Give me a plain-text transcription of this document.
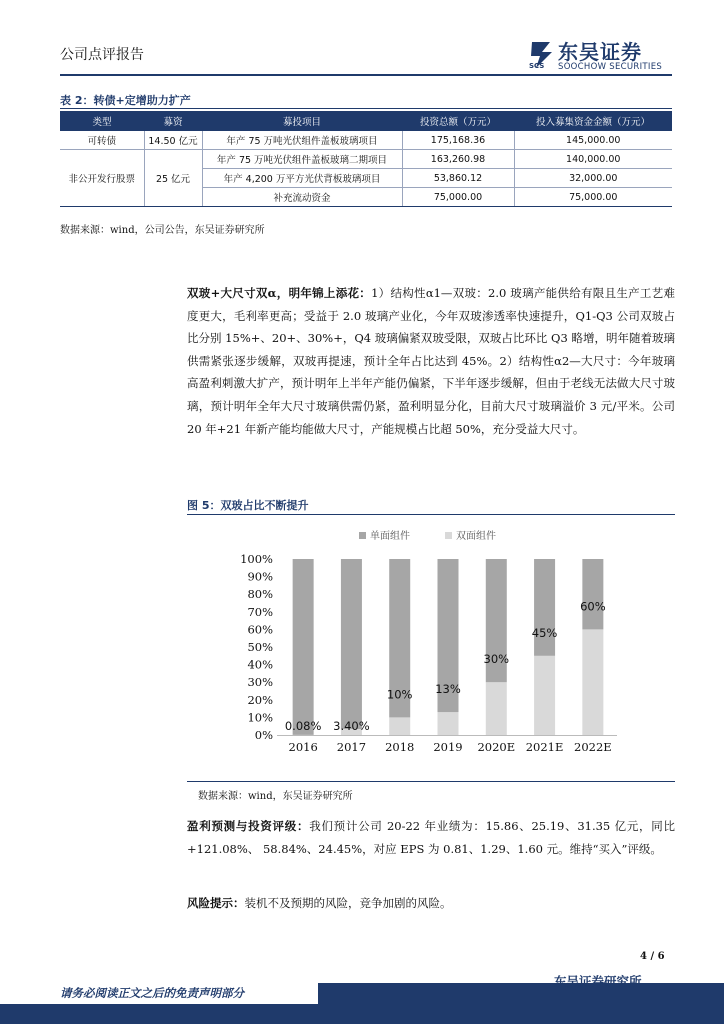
公司点评报告	东吴证券
SCS SOOCHOW SECURITIES
表 2：转债+定增助力扩产
类型	募资	募投项目	投资总额（万元）	投入募集资金金额（万元）
可转债	14.50 亿元	年产 75 万吨光伏组件盖板玻璃项目	175,168.36	145,000.00
非公开发行股票	25 亿元	年产 75 万吨光伏组件盖板玻璃二期项目	163,260.98	140,000.00
		年产 4,200 万平方光伏背板玻璃项目	53,860.12	32,000.00
		补充流动资金	75,000.00	75,000.00
数据来源：wind，公司公告，东吴证券研究所
双玻+大尺寸双α，明年锦上添花：1）结构性α1—双玻：2.0 玻璃产能供给有限且生产工艺难度更大，毛利率更高；受益于 2.0 玻璃产业化，今年双玻渗透率快速提升，Q1-Q3 公司双玻占比分别 15%+、20+、30%+，Q4 玻璃偏紧双玻受限，双玻占比环比 Q3 略增，明年随着玻璃供需紧张逐步缓解，双玻再提速，预计全年占比达到 45%。2）结构性α2—大尺寸：今年玻璃高盈利刺激大扩产，预计明年上半年产能仍偏紧，下半年逐步缓解，但由于老线无法做大尺寸玻璃，预计明年全年大尺寸玻璃供需仍紧，盈利明显分化，目前大尺寸玻璃溢价 3 元/平米。公司 20 年+21 年新产能均能做大尺寸，产能规模占比超 50%，充分受益大尺寸。
图 5：双玻占比不断提升
单面组件	双面组件
0%
10%
20%
30%
40%
50%
60%
70%
80%
90%
100%
2016
0.08%
2017
3.40%
2018
10%
2019
13%
2020E
30%
2021E
45%
2022E
60%
数据来源：wind，东吴证券研究所
盈利预测与投资评级：我们预计公司 20-22 年业绩为：15.86、25.19、31.35 亿元，同比+121.08%、 58.84%、24.45%，对应 EPS 为 0.81、1.29、1.60 元。维持“买入”评级。
风险提示：装机不及预期的风险，竞争加剧的风险。
4 / 6
请务必阅读正文之后的免责声明部分
东吴证券研究所
